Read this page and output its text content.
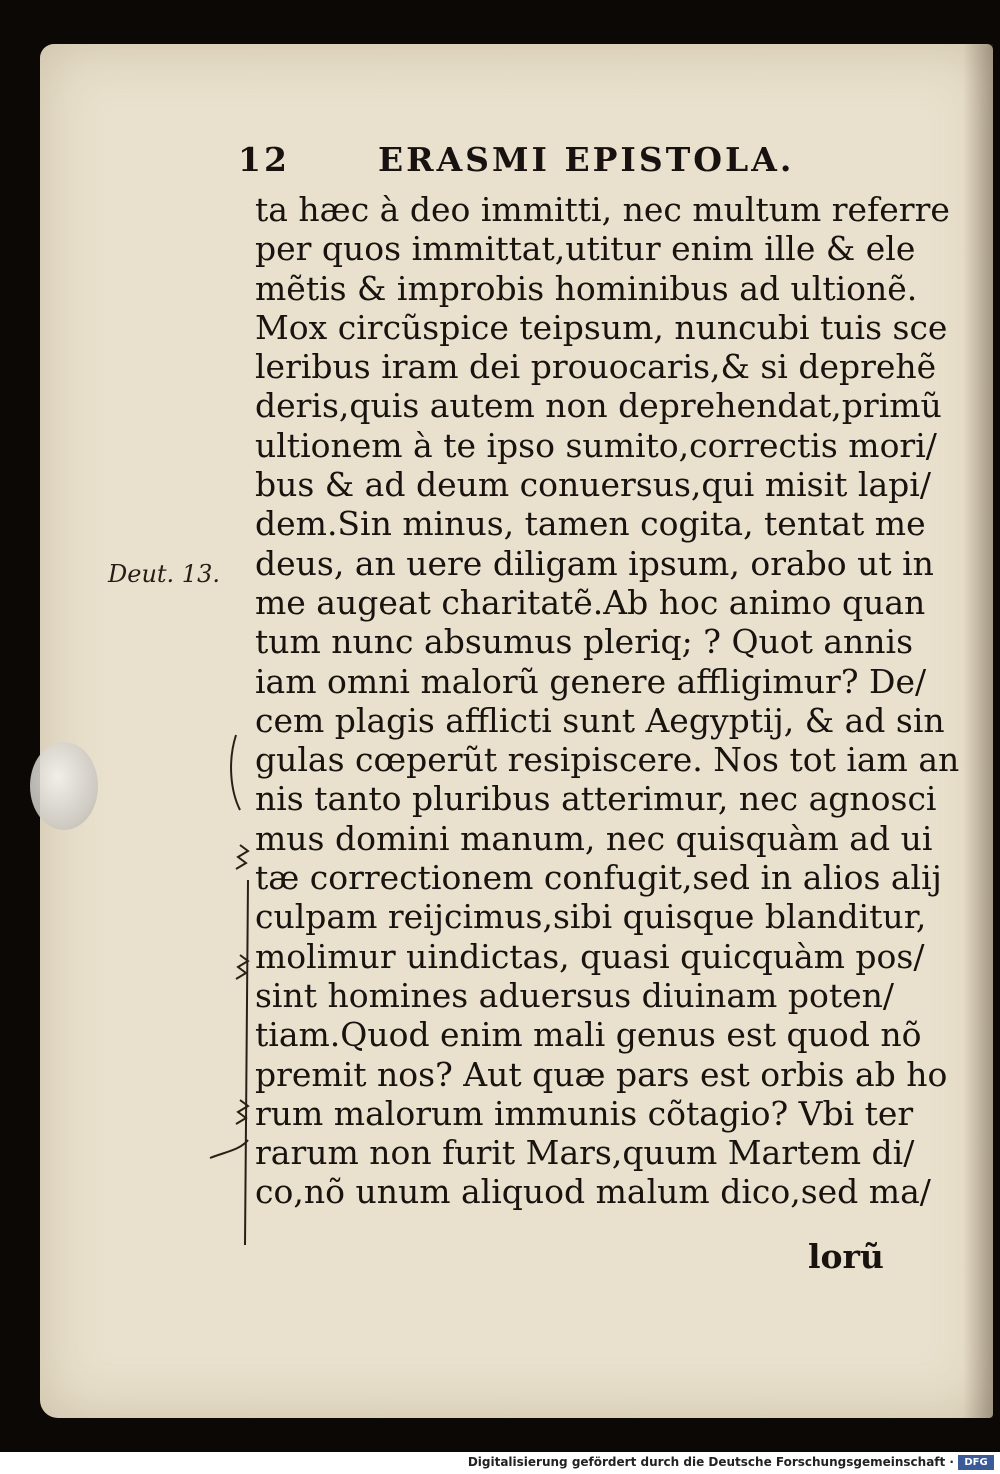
12	ERASMI EPISTOLA.
Deut. 13.
ta hæc à deo immitti, nec multum referre
per quos immittat,utitur enim ille & ele
mẽtis & improbis hominibus ad ultionẽ.
Mox circũspice teipsum, nuncubi tuis sce
leribus iram dei prouocaris,& si deprehẽ
deris,quis autem non deprehendat,primũ
ultionem à te ipso sumito,correctis mori/
bus & ad deum conuersus,qui misit lapi/
dem.Sin minus, tamen cogita, tentat me
deus, an uere diligam ipsum, orabo ut in
me augeat charitatẽ.Ab hoc animo quan
tum nunc absumus pleriq; ? Quot annis
iam omni malorũ genere affligimur? De/
cem plagis afflicti sunt Aegyptij, & ad sin
gulas cœperũt resipiscere. Nos tot iam an
nis tanto pluribus atterimur, nec agnosci
mus domini manum, nec quisquàm ad ui
tæ correctionem confugit,sed in alios alij
culpam reijcimus,sibi quisque blanditur,
molimur uindictas, quasi quicquàm pos/
sint homines aduersus diuinam poten/
tiam.Quod enim mali genus est quod nõ
premit nos? Aut quæ pars est orbis ab ho
rum malorum immunis cõtagio? Vbi ter
rarum non furit Mars,quum Martem di/
co,nõ unum aliquod malum dico,sed ma/
lorũ
Digitalisierung gefördert durch die Deutsche Forschungsgemeinschaft ·	DFG
